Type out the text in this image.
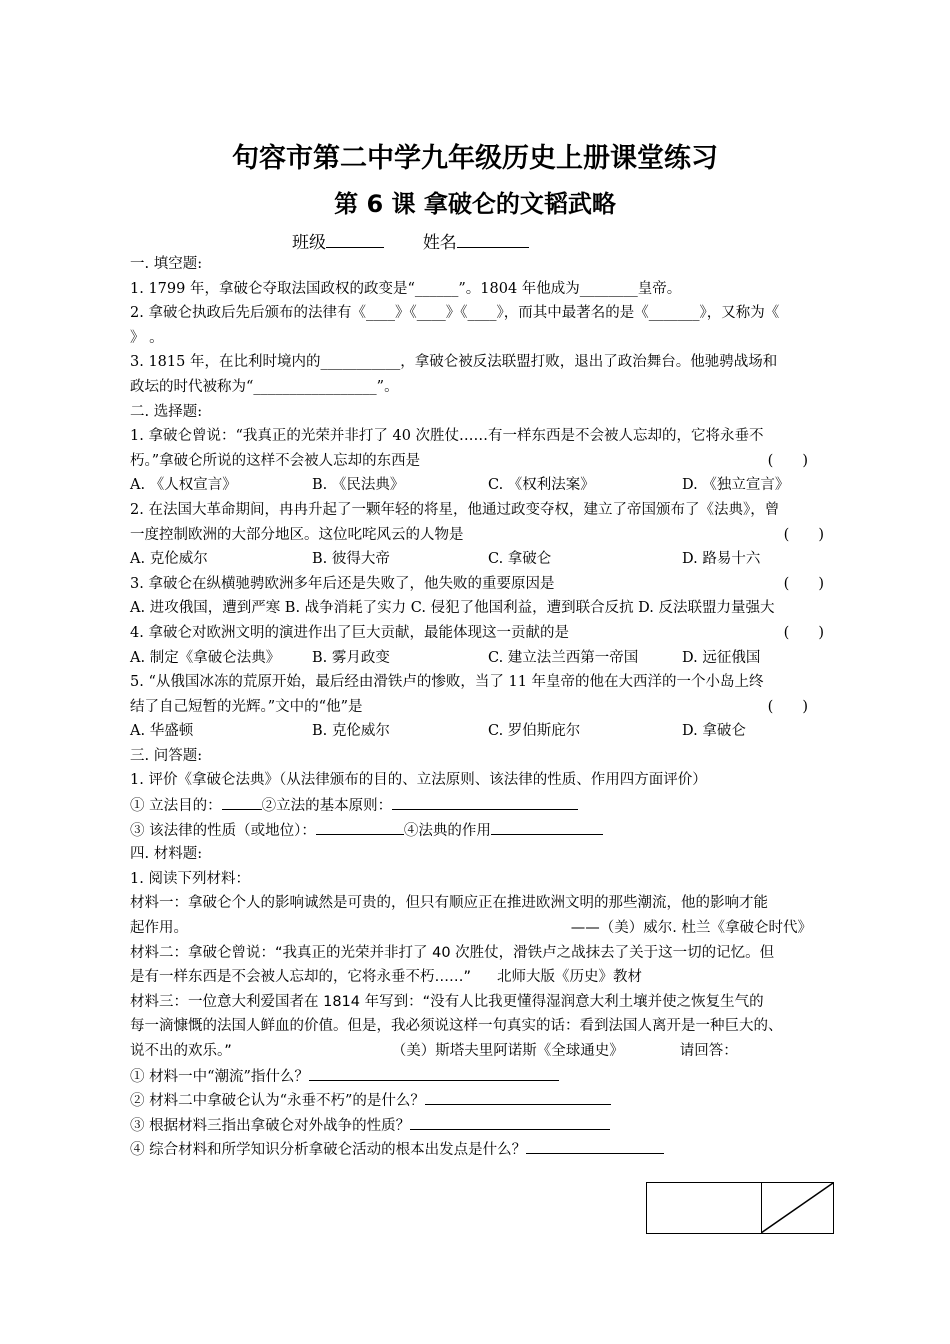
句容市第二中学九年级历史上册课堂练习
第 6 课 拿破仑的文韬武略
班级	姓名
一. 填空题:
1. 1799 年，拿破仑夺取法国政权的政变是“______”。1804 年他成为________皇帝。
2. 拿破仑执政后先后颁布的法律有《____》《____》《____》，而其中最著名的是《_______》，又称为《
》 。
3. 1815 年，在比利时境内的___________，拿破仑被反法联盟打败，退出了政治舞台。他驰骋战场和
政坛的时代被称为“_________________”。
二. 选择题:
1. 拿破仑曾说：“我真正的光荣并非打了 40 次胜仗……有一样东西是不会被人忘却的，它将永垂不
朽。”拿破仑所说的这样不会被人忘却的东西是	(　　)
A. 《人权宣言》	B. 《民法典》	C. 《权利法案》	D. 《独立宣言》
2. 在法国大革命期间，冉冉升起了一颗年轻的将星，他通过政变夺权，建立了帝国颁布了《法典》，曾
一度控制欧洲的大部分地区。这位叱咤风云的人物是	(　　)
A. 克伦威尔	B. 彼得大帝	C. 拿破仑	D. 路易十六
3. 拿破仑在纵横驰骋欧洲多年后还是失败了，他失败的重要原因是	(　　)
A. 进攻俄国，遭到严寒 B. 战争消耗了实力 C. 侵犯了他国利益，遭到联合反抗 D. 反法联盟力量强大
4. 拿破仑对欧洲文明的演进作出了巨大贡献，最能体现这一贡献的是	(　　)
A. 制定《拿破仑法典》	B. 雾月政变	C. 建立法兰西第一帝国	D. 远征俄国
5. “从俄国冰冻的荒原开始，最后经由滑铁卢的惨败，当了 11 年皇帝的他在大西洋的一个小岛上终
结了自己短暂的光辉。”文中的“他”是	(　　)
A. 华盛顿	B. 克伦威尔	C. 罗伯斯庇尔	D. 拿破仑
三. 问答题:
1. 评价《拿破仑法典》（从法律颁布的目的、立法原则、该法律的性质、作用四方面评价）
① 立法目的：	②立法的基本原则：
③ 该法律的性质（或地位）：	④法典的作用
四. 材料题:
1. 阅读下列材料：
材料一：拿破仑个人的影响诚然是可贵的，但只有顺应正在推进欧洲文明的那些潮流，他的影响才能
起作用。	——（美）威尔. 杜兰《拿破仑时代》
材料二：拿破仑曾说：“我真正的光荣并非打了 40 次胜仗，滑铁卢之战抹去了关于这一切的记忆。但
是有一样东西是不会被人忘却的，它将永垂不朽……” 北师大版《历史》教材
材料三：一位意大利爱国者在 1814 年写到：“没有人比我更懂得湿润意大利土壤并使之恢复生气的
每一滴慷慨的法国人鲜血的价值。但是，我必须说这样一句真实的话：看到法国人离开是一种巨大的、
说不出的欢乐。”	（美）斯塔夫里阿诺斯《全球通史》	请回答：
① 材料一中“潮流”指什么？
② 材料二中拿破仑认为“永垂不朽”的是什么？
③ 根据材料三指出拿破仑对外战争的性质？
④ 综合材料和所学知识分析拿破仑活动的根本出发点是什么？
